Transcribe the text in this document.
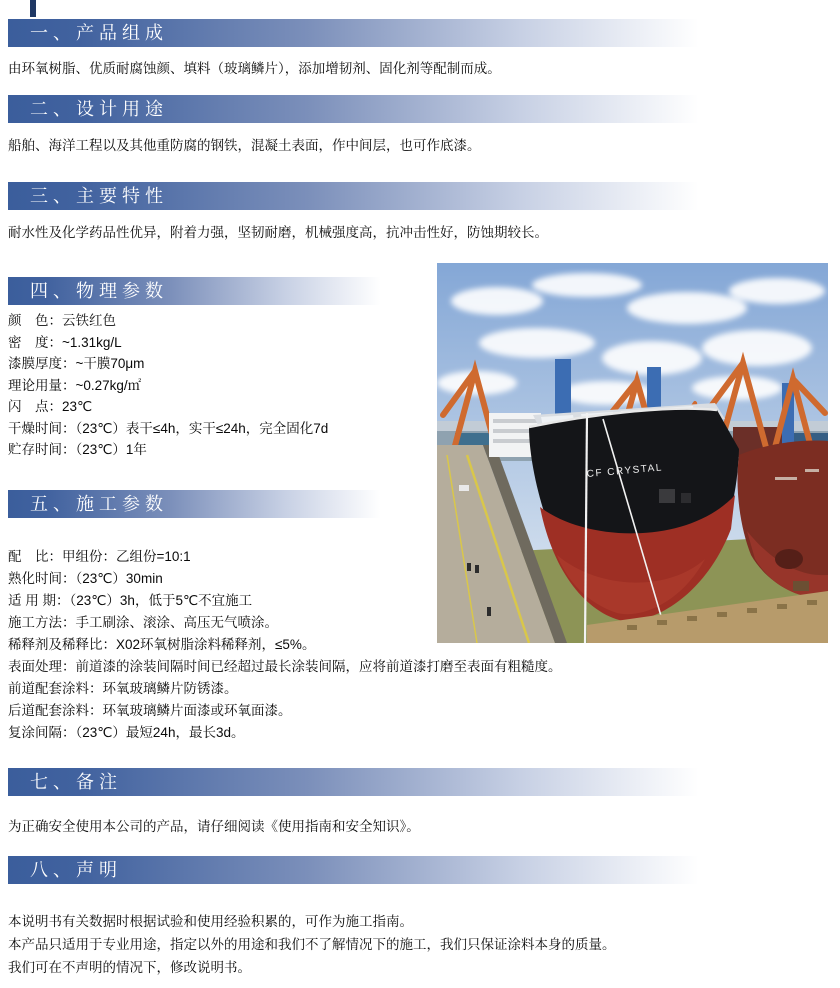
一、产品组成
由环氧树脂、优质耐腐蚀颜、填料（玻璃鳞片），添加增韧剂、固化剂等配制而成。
二、设计用途
船舶、海洋工程以及其他重防腐的钢铁，混凝土表面，作中间层，也可作底漆。
三、主要特性
耐水性及化学药品性优异，附着力强，坚韧耐磨，机械强度高，抗冲击性好，防蚀期较长。
四、物理参数
颜　色：云铁红色
密　度：~1.31kg/L
漆膜厚度：~干膜70μm
理论用量：~0.27kg/㎡
闪　点：23℃
干燥时间：（23℃）表干≤4h，实干≤24h，完全固化7d
贮存时间：（23℃）1年
五、施工参数
配　比：甲组份：乙组份=10:1
熟化时间：（23℃）30min
适 用 期：（23℃）3h，低于5℃不宜施工
施工方法：手工刷涂、滚涂、高压无气喷涂。
稀释剂及稀释比：X02环氧树脂涂料稀释剂，≤5%。
表面处理：前道漆的涂装间隔时间已经超过最长涂装间隔，应将前道漆打磨至表面有粗糙度。
前道配套涂料：环氧玻璃鳞片防锈漆。
后道配套涂料：环氧玻璃鳞片面漆或环氧面漆。
复涂间隔：（23℃）最短24h，最长3d。
七、备注
为正确安全使用本公司的产品，请仔细阅读《使用指南和安全知识》。
八、声明
本说明书有关数据时根据试验和使用经验积累的，可作为施工指南。
本产品只适用于专业用途，指定以外的用途和我们不了解情况下的施工，我们只保证涂料本身的质量。
我们可在不声明的情况下，修改说明书。
CF CRYSTAL
